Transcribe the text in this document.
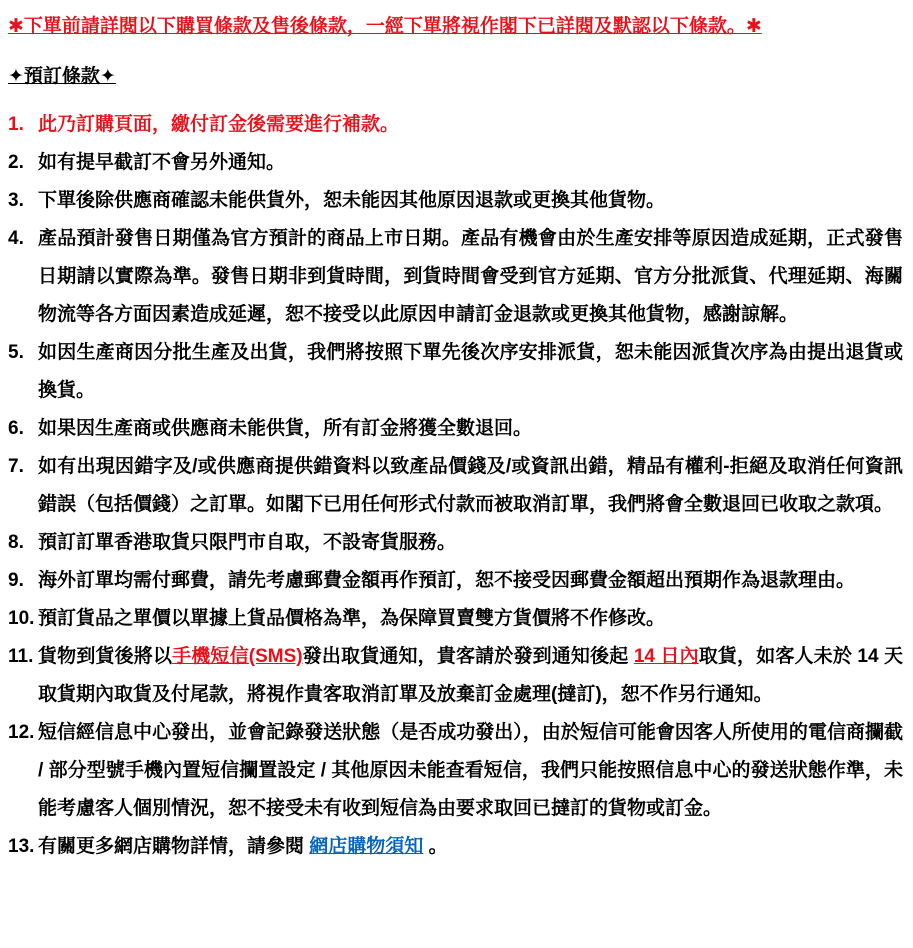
✱下單前請詳閱以下購買條款及售後條款，一經下單將視作閣下已詳閱及默認以下條款。✱
✦預訂條款✦
1. 此乃訂購頁面，繳付訂金後需要進行補款。
2. 如有提早截訂不會另外通知。
3. 下單後除供應商確認未能供貨外，恕未能因其他原因退款或更換其他貨物。
4. 產品預計發售日期僅為官方預計的商品上市日期。產品有機會由於生產安排等原因造成延期，正式發售日期請以實際為準。發售日期非到貨時間，到貨時間會受到官方延期、官方分批派貨、代理延期、海關物流等各方面因素造成延遲，恕不接受以此原因申請訂金退款或更換其他貨物，感謝諒解。
5. 如因生產商因分批生產及出貨，我們將按照下單先後次序安排派貨，恕未能因派貨次序為由提出退貨或換貨。
6. 如果因生產商或供應商未能供貨，所有訂金將獲全數退回。
7. 如有出現因錯字及/或供應商提供錯資料以致產品價錢及/或資訊出錯，精品有權利-拒絕及取消任何資訊錯誤（包括價錢）之訂單。如閣下已用任何形式付款而被取消訂單，我們將會全數退回已收取之款項。
8. 預訂訂單香港取貨只限門市自取，不設寄貨服務。
9. 海外訂單均需付郵費，請先考慮郵費金額再作預訂，恕不接受因郵費金額超出預期作為退款理由。
10. 預訂貨品之單價以單據上貨品價格為準，為保障買賣雙方貨價將不作修改。
11. 貨物到貨後將以手機短信(SMS)發出取貨通知，貴客請於發到通知後起 14 日內取貨，如客人未於 14 天取貨期內取貨及付尾款，將視作貴客取消訂單及放棄訂金處理(撻訂)，恕不作另行通知。
12. 短信經信息中心發出，並會記錄發送狀態（是否成功發出），由於短信可能會因客人所使用的電信商攔截 / 部分型號手機內置短信攔置設定 / 其他原因未能查看短信，我們只能按照信息中心的發送狀態作準，未能考慮客人個別情況，恕不接受未有收到短信為由要求取回已撻訂的貨物或訂金。
13. 有關更多網店購物詳情，請參閱 網店購物須知 。
